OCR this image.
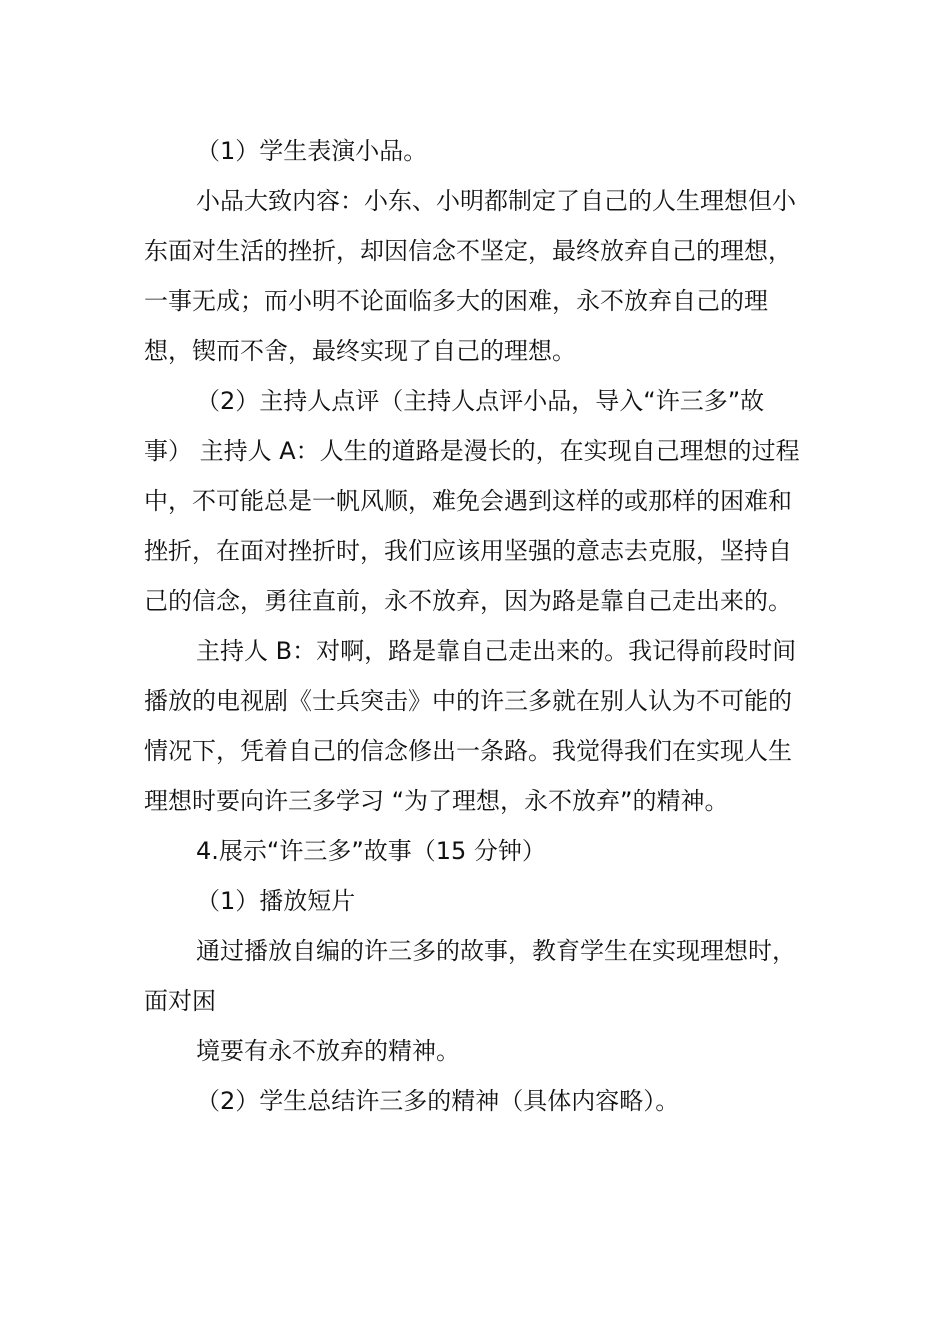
（1）学生表演小品。

小品大致内容：小东、小明都制定了自己的人生理想但小东面对生活的挫折，却因信念不坚定，最终放弃自己的理想，一事无成；而小明不论面临多大的困难，永不放弃自己的理想，锲而不舍，最终实现了自己的理想。

（2）主持人点评（主持人点评小品，导入“许三多”故事） 主持人 A：人生的道路是漫长的，在实现自己理想的过程中，不可能总是一帆风顺，难免会遇到这样的或那样的困难和挫折，在面对挫折时，我们应该用坚强的意志去克服，坚持自己的信念，勇往直前，永不放弃，因为路是靠自己走出来的。

主持人 B：对啊，路是靠自己走出来的。我记得前段时间播放的电视剧《士兵突击》中的许三多就在别人认为不可能的情况下，凭着自己的信念修出一条路。我觉得我们在实现人生理想时要向许三多学习 “为了理想，永不放弃”的精神。

4.展示“许三多”故事（15 分钟）

（1）播放短片

通过播放自编的许三多的故事，教育学生在实现理想时，面对困

境要有永不放弃的精神。

（2）学生总结许三多的精神（具体内容略）。
